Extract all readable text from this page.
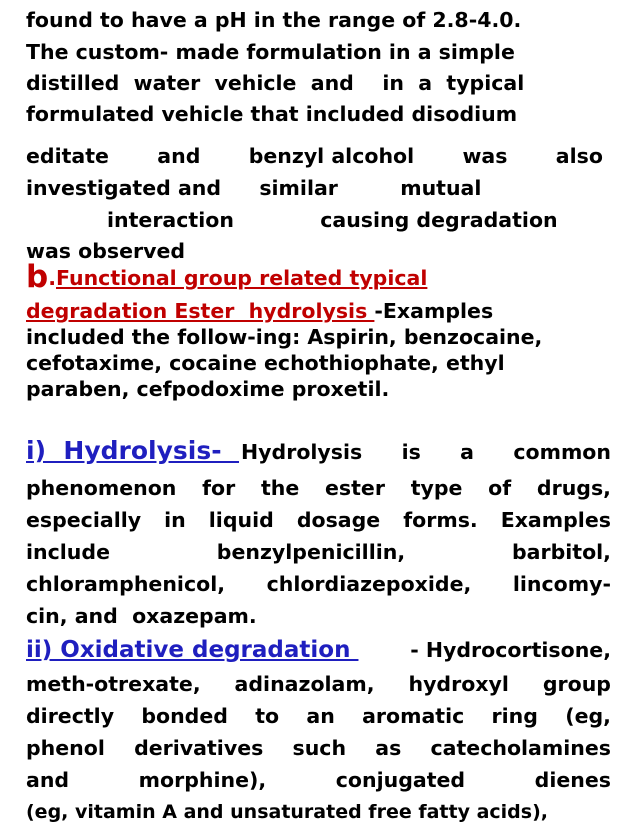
found to have a pH in the range of 2.8-4.0.
The custom- made formulation in a simple
distilled  water  vehicle  and    in  a  typical
formulated vehicle that included disodium
editate and benzyl alcohol was also
investigated and similar	mutual
interaction	causing degradation
was observed
b.Functional group related typical
degradation Ester  hydrolysis -Examples
included the follow-ing: Aspirin, benzocaine,
cefotaxime, cocaine echothiophate, ethyl
paraben, cefpodoxime proxetil.
i)  Hydrolysis- Hydrolysis is a common
phenomenon for the ester type of drugs,
especially in liquid dosage forms. Examples
include	benzylpenicillin,	barbitol,
chloramphenicol, chlordiazepoxide, lincomy-
cin, and  oxazepam.
ii) Oxidative degradation	- Hydrocortisone,
meth-otrexate, adinazolam, hydroxyl group
directly bonded to an aromatic ring (eg,
phenol derivatives such as catecholamines
and	morphine),	conjugated	dienes
(eg, vitamin A and unsaturated free fatty acids),
